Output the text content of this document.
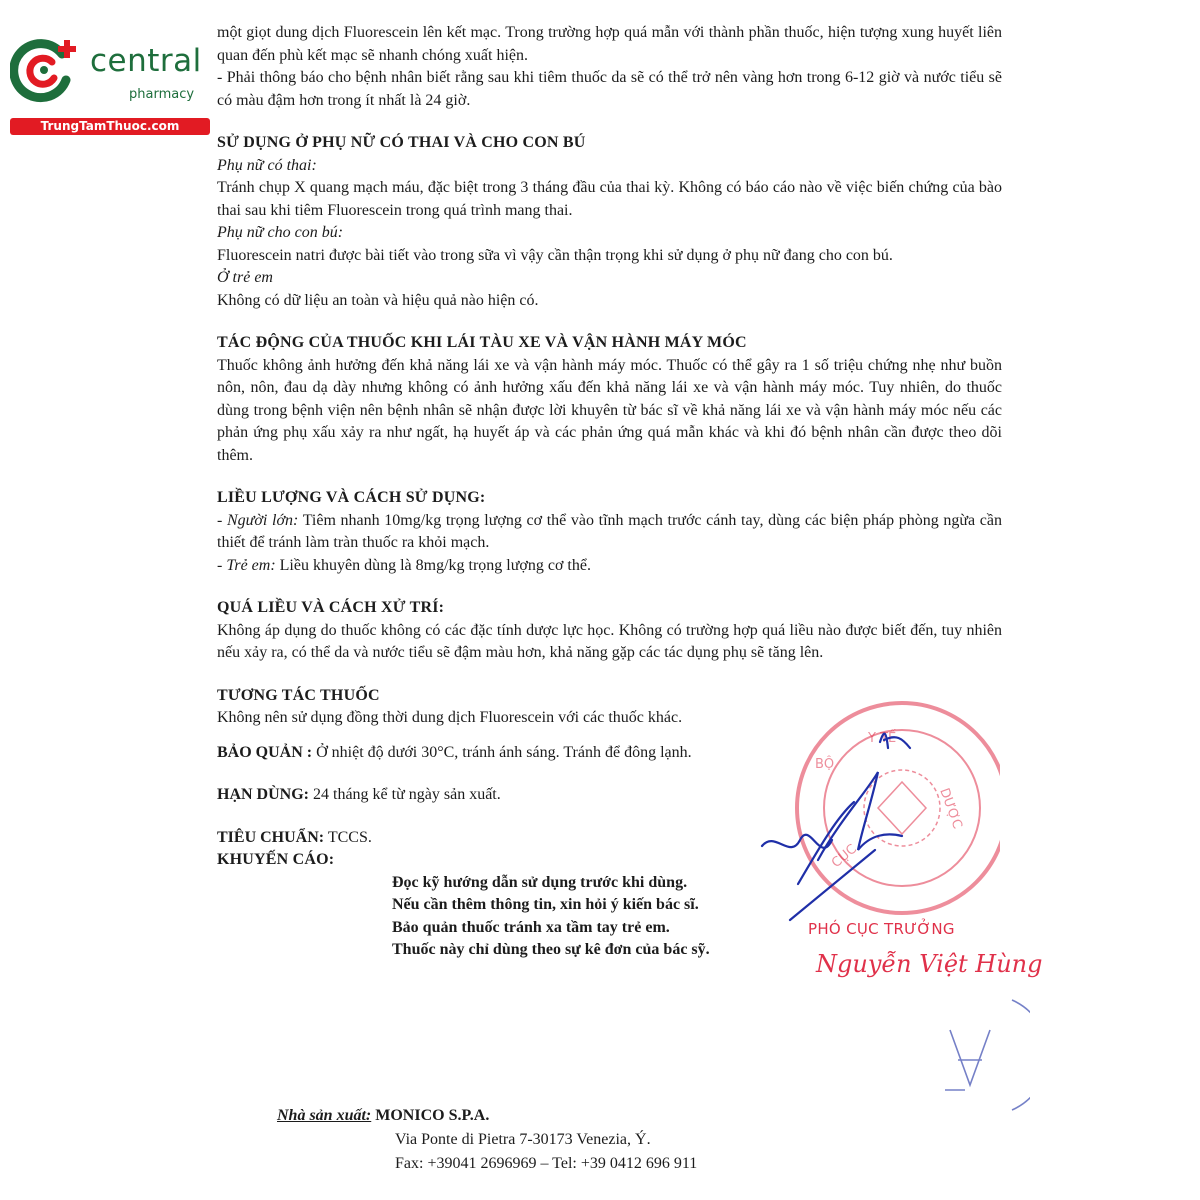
central
pharmacy
TrungTamThuoc.com

một giọt dung dịch Fluorescein lên kết mạc. Trong trường hợp quá mẫn với thành phần thuốc, hiện tượng xung huyết liên quan đến phù kết mạc sẽ nhanh chóng xuất hiện.

- Phải thông báo cho bệnh nhân biết rằng sau khi tiêm thuốc da sẽ có thể trở nên vàng hơn trong 6-12 giờ và nước tiểu sẽ có màu đậm hơn trong ít nhất là 24 giờ.

SỬ DỤNG Ở PHỤ NỮ CÓ THAI VÀ CHO CON BÚ
Phụ nữ có thai:

Tránh chụp X quang mạch máu, đặc biệt trong 3 tháng đầu của thai kỳ. Không có báo cáo nào về việc biến chứng của bào thai sau khi tiêm Fluorescein trong quá trình mang thai.

Phụ nữ cho con bú:

Fluorescein natri được bài tiết vào trong sữa vì vậy cần thận trọng khi sử dụng ở phụ nữ đang cho con bú.

Ở trẻ em

Không có dữ liệu an toàn và hiệu quả nào hiện có.

TÁC ĐỘNG CỦA THUỐC KHI LÁI TÀU XE VÀ VẬN HÀNH MÁY MÓC

Thuốc không ảnh hưởng đến khả năng lái xe và vận hành máy móc. Thuốc có thể gây ra 1 số triệu chứng nhẹ như buồn nôn, nôn, đau dạ dày nhưng không có ảnh hưởng xấu đến khả năng lái xe và vận hành máy móc. Tuy nhiên, do thuốc dùng trong bệnh viện nên bệnh nhân sẽ nhận được lời khuyên từ bác sĩ về khả năng lái xe và vận hành máy móc nếu các phản ứng phụ xấu xảy ra như ngất, hạ huyết áp và các phản ứng quá mẫn khác và khi đó bệnh nhân cần được theo dõi thêm.

LIỀU LƯỢNG VÀ CÁCH SỬ DỤNG:

- Người lớn: Tiêm nhanh 10mg/kg trọng lượng cơ thể vào tĩnh mạch trước cánh tay, dùng các biện pháp phòng ngừa cần thiết để tránh làm tràn thuốc ra khỏi mạch.

- Trẻ em: Liều khuyên dùng là 8mg/kg trọng lượng cơ thể.

QUÁ LIỀU VÀ CÁCH XỬ TRÍ:

Không áp dụng do thuốc không có các đặc tính dược lực học. Không có trường hợp quá liều nào được biết đến, tuy nhiên nếu xảy ra, có thể da và nước tiểu sẽ đậm màu hơn, khả năng gặp các tác dụng phụ sẽ tăng lên.

TƯƠNG TÁC THUỐC

Không nên sử dụng đồng thời dung dịch Fluorescein với các thuốc khác.

BẢO QUẢN : Ở nhiệt độ dưới 30°C, tránh ánh sáng. Tránh để đông lạnh.

HẠN DÙNG: 24 tháng kể từ ngày sản xuất.

TIÊU CHUẨN: TCCS.

KHUYẾN CÁO:
Đọc kỹ hướng dẫn sử dụng trước khi dùng.
Nếu cần thêm thông tin, xin hỏi ý kiến bác sĩ.
Bảo quản thuốc tránh xa tầm tay trẻ em.
Thuốc này chỉ dùng theo sự kê đơn của bác sỹ.
Nhà sản xuất: MONICO S.P.A.
Via Ponte di Pietra 7-30173 Venezia, Ý.
Fax: +39041 2696969 – Tel: +39 0412 696 911
BỘ
Y TẾ
DƯỢC
CỤC
PHÓ CỤC TRƯỞNG
Nguyễn Việt Hùng
